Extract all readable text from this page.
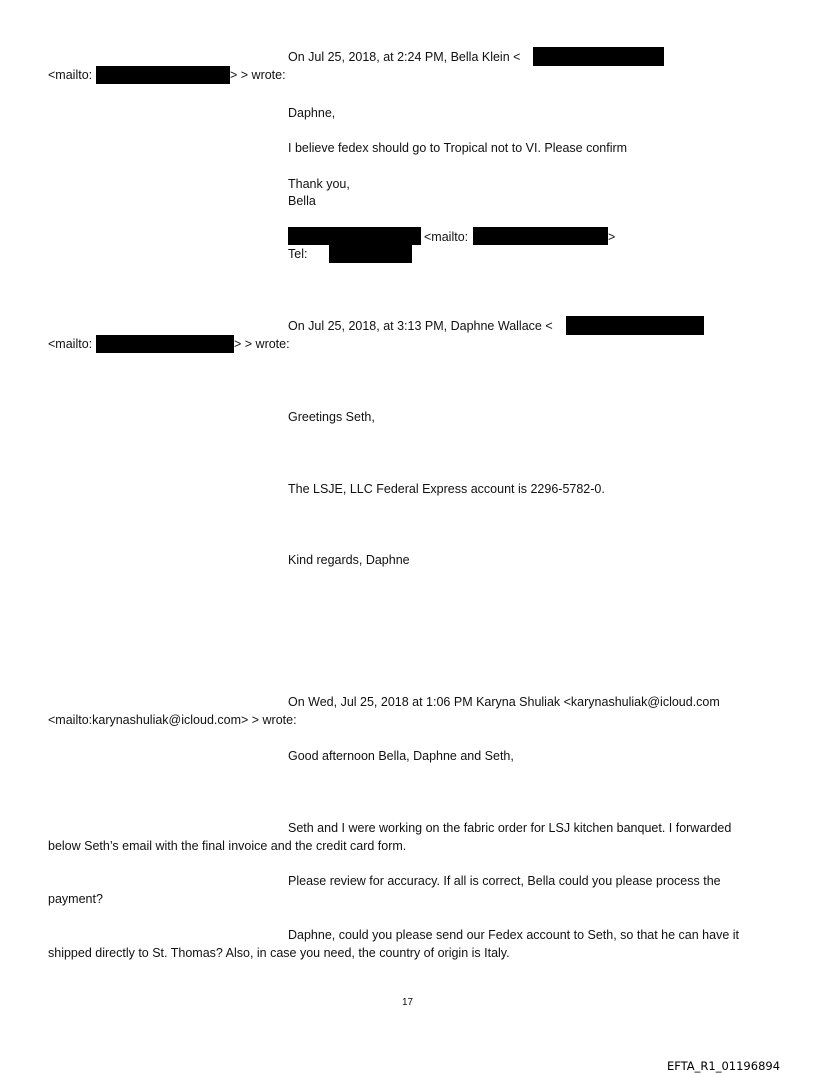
On Jul 25, 2018, at 2:24 PM, Bella Klein <
<mailto:	> > wrote:
Daphne,
I believe fedex should go to Tropical not to VI. Please confirm
Thank you,
Bella
<mailto:	>
Tel:
On Jul 25, 2018, at 3:13 PM, Daphne Wallace <
<mailto:	> > wrote:
Greetings Seth,
The LSJE, LLC Federal Express account is 2296-5782-0.
Kind regards, Daphne
On Wed, Jul 25, 2018 at 1:06 PM Karyna Shuliak <karynashuliak@icloud.com
<mailto:karynashuliak@icloud.com> > wrote:
Good afternoon Bella, Daphne and Seth,
Seth and I were working on the fabric order for LSJ kitchen banquet. I forwarded
below Seth’s email with the final invoice and the credit card form.
Please review for accuracy. If all is correct, Bella could you please process the
payment?
Daphne, could you please send our Fedex account to Seth, so that he can have it
shipped directly to St. Thomas? Also, in case you need, the country of origin is Italy.
17
EFTA_R1_01196894
